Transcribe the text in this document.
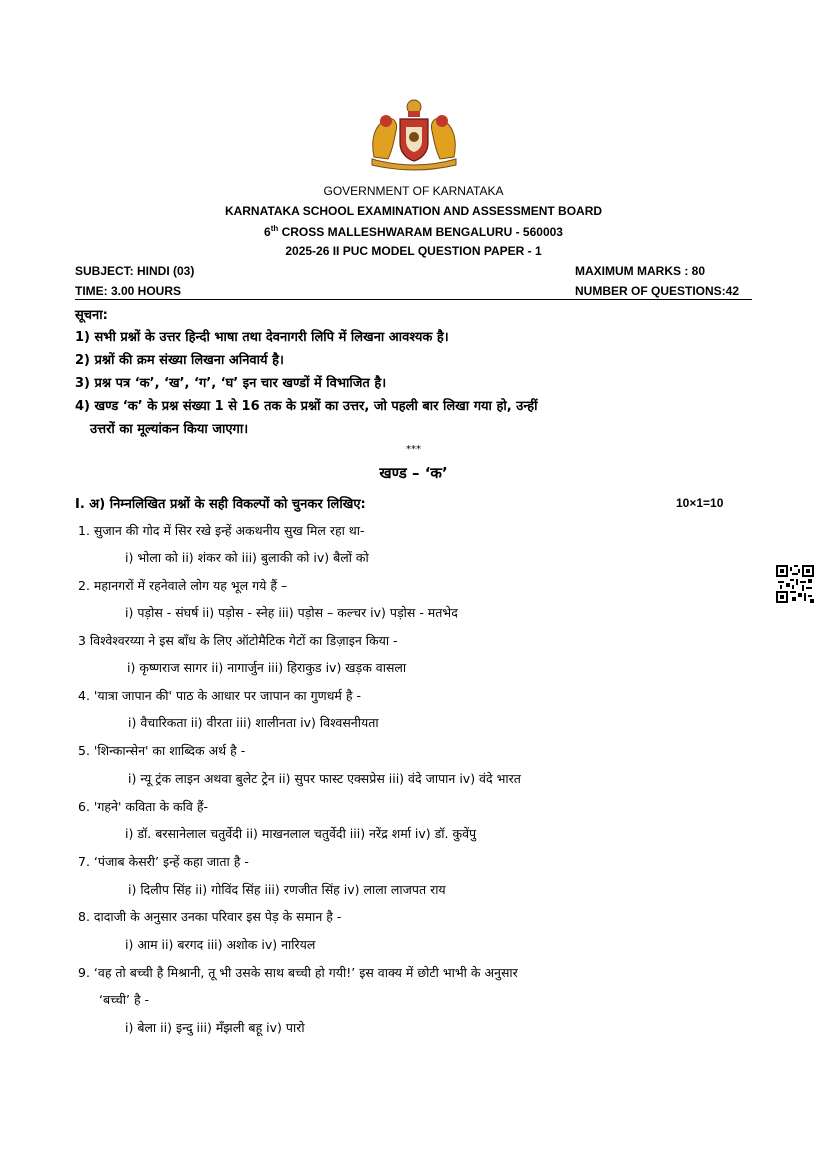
GOVERNMENT OF KARNATAKA
KARNATAKA SCHOOL EXAMINATION AND ASSESSMENT BOARD
6th CROSS MALLESHWARAM BENGALURU - 560003
2025-26 II PUC MODEL QUESTION PAPER - 1
SUBJECT: HINDI (03)	MAXIMUM MARKS : 80
TIME: 3.00 HOURS	NUMBER OF QUESTIONS:42
सूचना:
1) सभी प्रश्नों के उत्तर हिन्दी भाषा तथा देवनागरी लिपि में लिखना आवश्यक है।
2) प्रश्नों की क्रम संख्या लिखना अनिवार्य है।
3) प्रश्न पत्र ‘क’, ‘ख’, ‘ग’, ‘घ’ इन चार खण्डों में विभाजित है।
4) खण्ड ‘क’ के प्रश्न संख्या 1 से 16 तक के प्रश्नों का उत्तर, जो पहली बार लिखा गया हो, उन्हीं
उत्तरों का मूल्यांकन किया जाएगा।
***
खण्ड – ‘क’
I. अ) निम्नलिखित प्रश्नों के सही विकल्पों को चुनकर लिखिए:	10×1=10
1. सुजान की गोद में सिर रखे इन्हें अकथनीय सुख मिल रहा था-
i) भोला को ii) शंकर को iii) बुलाकी को iv) बैलों को
2. महानगरों में रहनेवाले लोग यह भूल गये हैं –
i) पड़ोस - संघर्ष ii) पड़ोस - स्नेह iii) पड़ोस – कल्चर iv) पड़ोस - मतभेद
3 विश्वेश्वरय्या ने इस बाँध के लिए ऑटोमैटिक गेटों का डिज़ाइन किया -
i) कृष्णराज सागर ii) नागार्जुन iii) हिराकुड iv) खड़क वासला
4. 'यात्रा जापान की' पाठ के आधार पर जापान का गुणधर्म है -
i) वैचारिकता ii) वीरता iii) शालीनता iv) विश्वसनीयता
5. 'शिन्कान्सेन' का शाब्दिक अर्थ है -
i) न्यू ट्रंक लाइन अथवा बुलेट ट्रेन ii) सुपर फास्ट एक्सप्रेस iii) वंदे जापान iv) वंदे भारत
6. 'गहने' कविता के कवि हैं-
i) डॉ. बरसानेलाल चतुर्वेदी ii) माखनलाल चतुर्वेदी iii) नरेंद्र शर्मा iv) डॉ. कुवेंपु
7. ‘पंजाब केसरी’ इन्हें कहा जाता है -
i) दिलीप सिंह ii) गोविंद सिंह iii) रणजीत सिंह iv) लाला लाजपत राय
8. दादाजी के अनुसार उनका परिवार इस पेड़ के समान है -
i) आम ii) बरगद iii) अशोक iv) नारियल
9. ‘वह तो बच्ची है मिश्रानी, तू भी उसके साथ बच्ची हो गयी!’ इस वाक्य में छोटी भाभी के अनुसार
‘बच्ची’ है -
i) बेला ii) इन्दु iii) मँझली बहू iv) पारो
